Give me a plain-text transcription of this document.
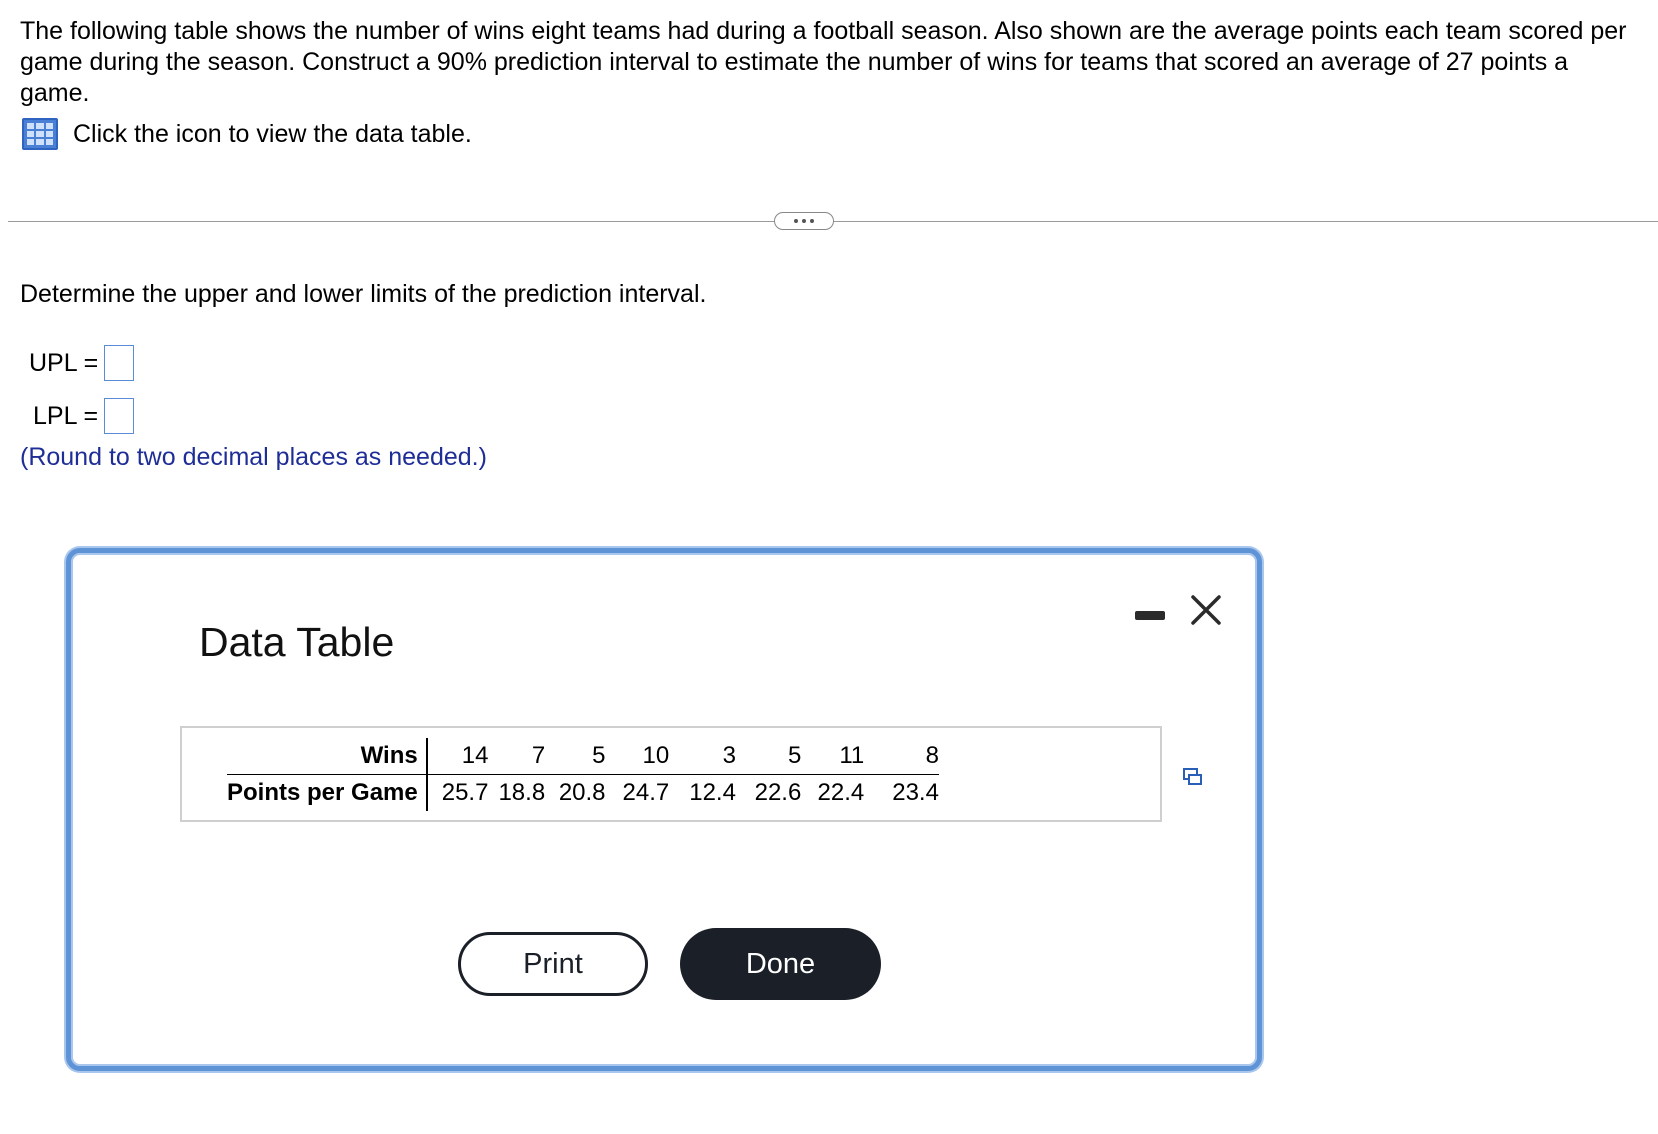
The following table shows the number of wins eight teams had during a football season. Also shown are the average points each team scored per game during the season. Construct a 90% prediction interval to estimate the number of wins for teams that scored an average of 27 points a game.
Click the icon to view the data table.
Determine the upper and lower limits of the prediction interval.
UPL =
LPL =
(Round to two decimal places as needed.)
Data Table
Wins	14	7	5	10	3	5	11	8
Points per Game	25.7	18.8	20.8	24.7	12.4	22.6	22.4	23.4
Print	Done
